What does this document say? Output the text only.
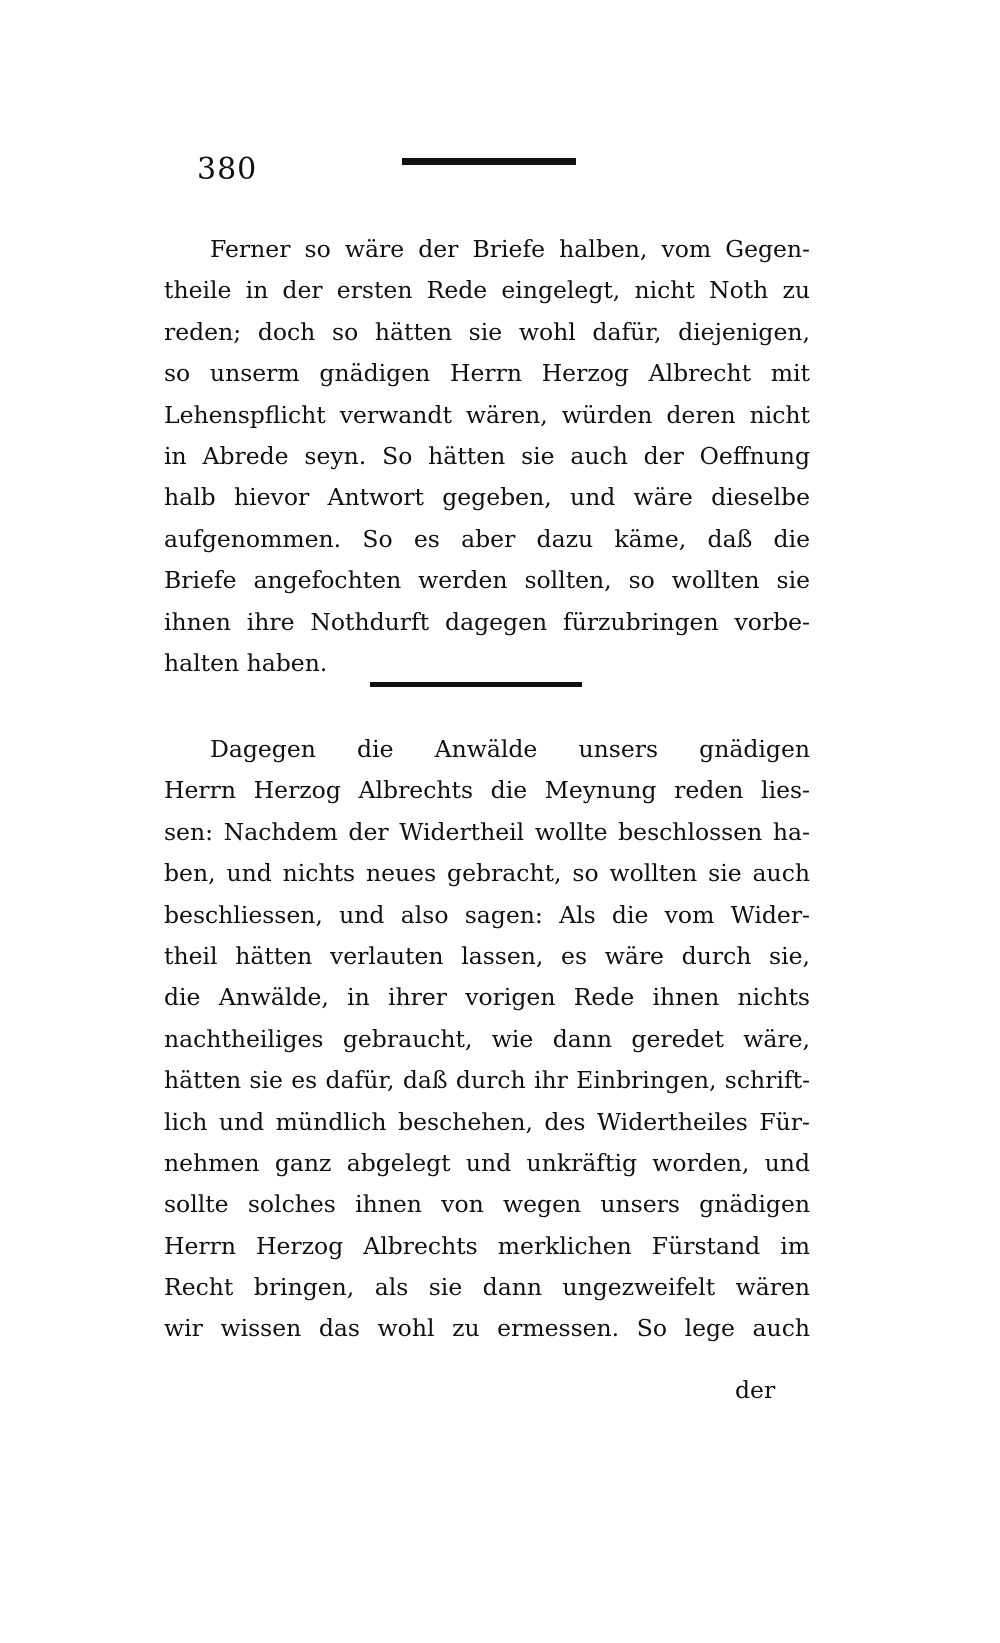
380
Ferner so wäre der Briefe halben, vom Gegen-
theile in der ersten Rede eingelegt, nicht Noth zu
reden; doch so hätten sie wohl dafür, diejenigen,
so unserm gnädigen Herrn Herzog Albrecht mit
Lehenspflicht verwandt wären, würden deren nicht
in Abrede seyn. So hätten sie auch der Oeffnung
halb hievor Antwort gegeben, und wäre dieselbe
aufgenommen. So es aber dazu käme, daß die
Briefe angefochten werden sollten, so wollten sie
ihnen ihre Nothdurft dagegen fürzubringen vorbe-
halten haben.
Dagegen die Anwälde unsers gnädigen
Herrn Herzog Albrechts die Meynung reden lies-
sen: Nachdem der Widertheil wollte beschlossen ha-
ben, und nichts neues gebracht, so wollten sie auch
beschliessen, und also sagen: Als die vom Wider-
theil hätten verlauten lassen, es wäre durch sie,
die Anwälde, in ihrer vorigen Rede ihnen nichts
nachtheiliges gebraucht, wie dann geredet wäre,
hätten sie es dafür, daß durch ihr Einbringen, schrift-
lich und mündlich beschehen, des Widertheiles Für-
nehmen ganz abgelegt und unkräftig worden, und
sollte solches ihnen von wegen unsers gnädigen
Herrn Herzog Albrechts merklichen Fürstand im
Recht bringen, als sie dann ungezweifelt wären
wir wissen das wohl zu ermessen. So lege auch
der
